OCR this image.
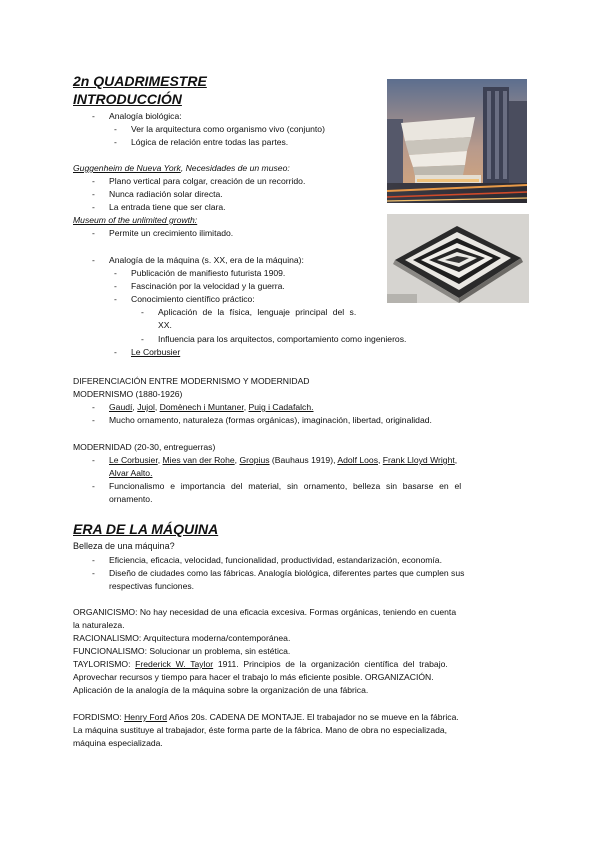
2n QUADRIMESTRE
INTRODUCCIÓN
- Analogía biológica:
- Ver la arquitectura como organismo vivo (conjunto)
- Lógica de relación entre todas las partes.
Guggenheim de Nueva York, Necesidades de un museo:
- Plano vertical para colgar, creación de un recorrido.
- Nunca radiación solar directa.
- La entrada tiene que ser clara.
Museum of the unlimited growth:
- Permite un crecimiento ilimitado.
- Analogía de la máquina (s. XX, era de la máquina):
- Publicación de manifiesto futurista 1909.
- Fascinación por la velocidad y la guerra.
- Conocimiento científico práctico:
- Aplicación de la física, lenguaje principal del s.
XX.
- Influencia para los arquitectos, comportamiento como ingenieros.
- Le Corbusier
DIFERENCIACIÓN ENTRE MODERNISMO Y MODERNIDAD
MODERNISMO (1880-1926)
- Gaudí, Jujol, Domènech i Muntaner, Puig i Cadafalch.
- Mucho ornamento, naturaleza (formas orgánicas), imaginación, libertad, originalidad.
MODERNIDAD (20-30, entreguerras)
- Le Corbusier, Mies van der Rohe, Gropius (Bauhaus 1919), Adolf Loos, Frank Lloyd Wright,
Alvar Aalto.
- Funcionalismo e importancia del material, sin ornamento, belleza sin basarse en el
ornamento.
ERA DE LA MÁQUINA
Belleza de una máquina?
- Eficiencia, eficacia, velocidad, funcionalidad, productividad, estandarización, economía.
- Diseño de ciudades como las fábricas. Analogía biológica, diferentes partes que cumplen sus
respectivas funciones.
ORGANICISMO: No hay necesidad de una eficacia excesiva. Formas orgánicas, teniendo en cuenta
la naturaleza.
RACIONALISMO: Arquitectura moderna/contemporánea.
FUNCIONALISMO: Solucionar un problema, sin estética.
TAYLORISMO: Frederick W. Taylor 1911. Principios de la organización científica del trabajo.
Aprovechar recursos y tiempo para hacer el trabajo lo más eficiente posible. ORGANIZACIÓN.
Aplicación de la analogía de la máquina sobre la organización de una fábrica.
FORDISMO: Henry Ford Años 20s. CADENA DE MONTAJE. El trabajador no se mueve en la fábrica.
La máquina sustituye al trabajador, éste forma parte de la fábrica. Mano de obra no especializada,
máquina especializada.
